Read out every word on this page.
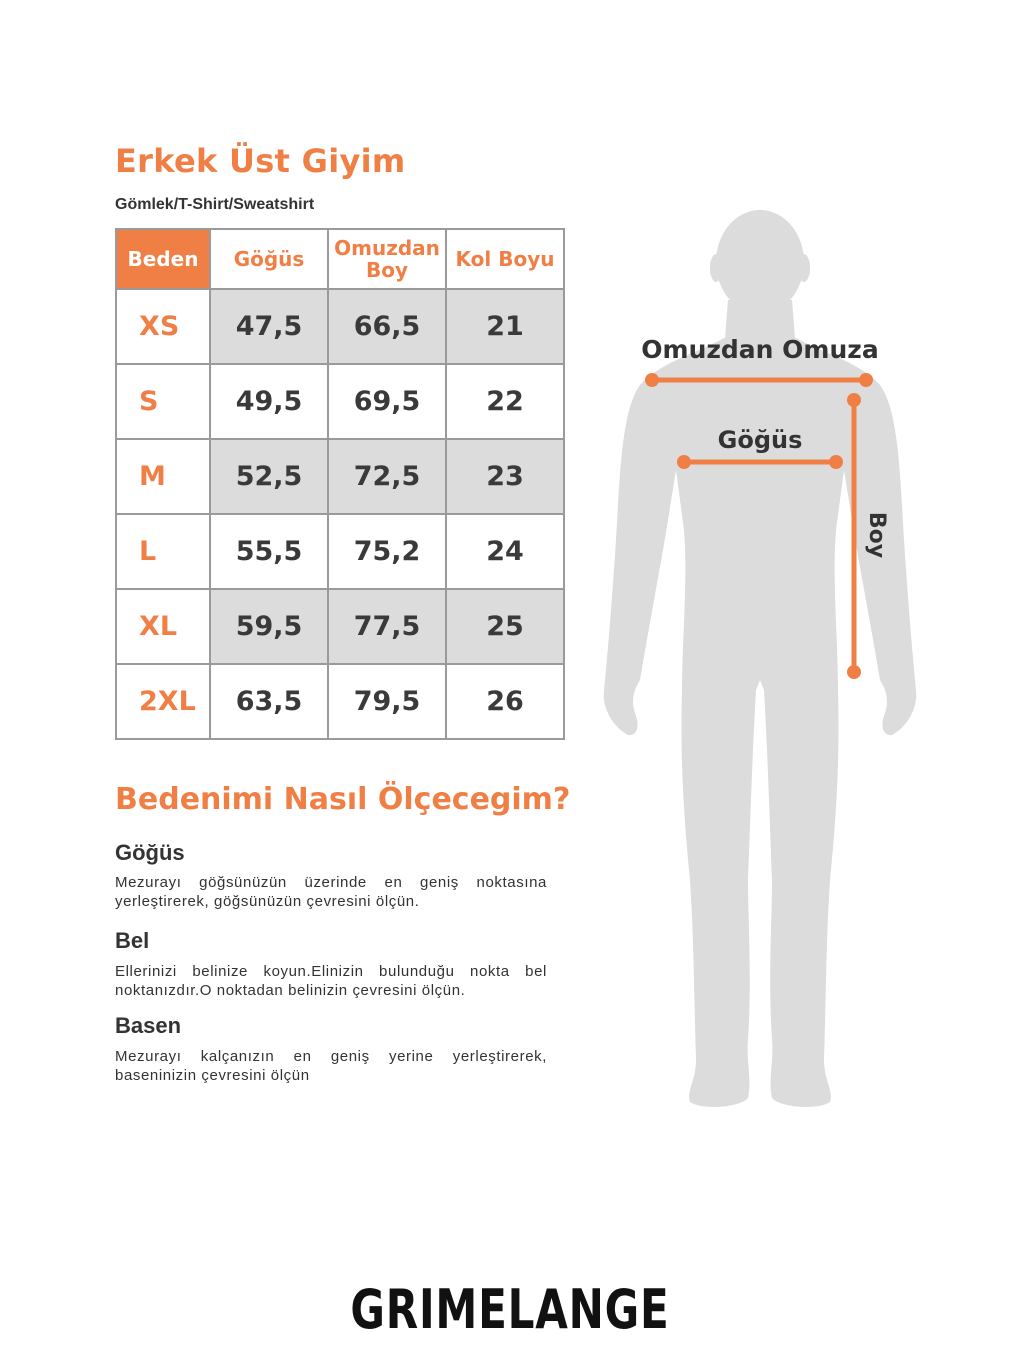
Erkek Üst Giyim
Gömlek/T-Shirt/Sweatshirt
Beden	Göğüs	Omuzdan Boy	Kol Boyu
XS	47,5	66,5	21
S	49,5	69,5	22
M	52,5	72,5	23
L	55,5	75,2	24
XL	59,5	77,5	25
2XL	63,5	79,5	26
Bedenimi Nasıl Ölçecegim?
Göğüs
Mezurayı göğsünüzün üzerinde en geniş noktasına yerleştirerek, göğsünüzün çevresini ölçün.
Bel
Ellerinizi belinize koyun.Elinizin bulunduğu nokta bel noktanızdır.O noktadan belinizin çevresini ölçün.
Basen
Mezurayı kalçanızın en geniş yerine yerleştirerek, baseninizin çevresini ölçün
Omuzdan Omuza
Göğüs
Boy
GRIMELANGE
